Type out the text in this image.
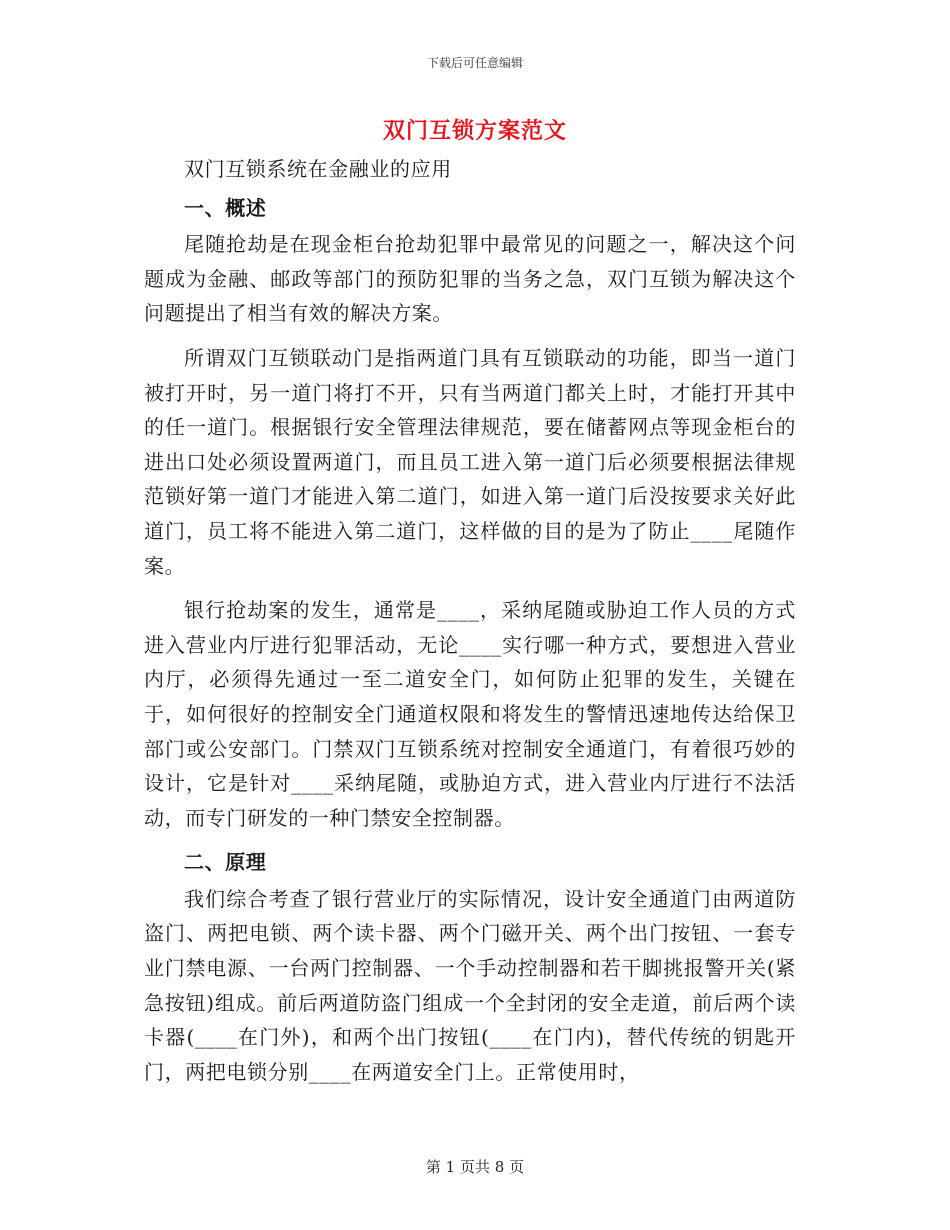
下载后可任意编辑
双门互锁方案范文

双门互锁系统在金融业的应用

一、概述

尾随抢劫是在现金柜台抢劫犯罪中最常见的问题之一，解决这个问题成为金融、邮政等部门的预防犯罪的当务之急，双门互锁为解决这个问题提出了相当有效的解决方案。

所谓双门互锁联动门是指两道门具有互锁联动的功能，即当一道门被打开时，另一道门将打不开，只有当两道门都关上时，才能打开其中的任一道门。根据银行安全管理法律规范，要在储蓄网点等现金柜台的进出口处必须设置两道门，而且员工进入第一道门后必须要根据法律规范锁好第一道门才能进入第二道门，如进入第一道门后没按要求关好此道门，员工将不能进入第二道门，这样做的目的是为了防止____尾随作案。

银行抢劫案的发生，通常是____，采纳尾随或胁迫工作人员的方式进入营业内厅进行犯罪活动，无论____实行哪一种方式，要想进入营业内厅，必须得先通过一至二道安全门，如何防止犯罪的发生，关键在于，如何很好的控制安全门通道权限和将发生的警情迅速地传达给保卫部门或公安部门。门禁双门互锁系统对控制安全通道门，有着很巧妙的设计，它是针对____采纳尾随，或胁迫方式，进入营业内厅进行不法活动，而专门研发的一种门禁安全控制器。

二、原理

我们综合考查了银行营业厅的实际情况，设计安全通道门由两道防盗门、两把电锁、两个读卡器、两个门磁开关、两个出门按钮、一套专业门禁电源、一台两门控制器、一个手动控制器和若干脚挑报警开关(紧急按钮)组成。前后两道防盗门组成一个全封闭的安全走道，前后两个读卡器(____在门外)，和两个出门按钮(____在门内)，替代传统的钥匙开门，两把电锁分别____在两道安全门上。正常使用时，

第 1 页共 8 页
